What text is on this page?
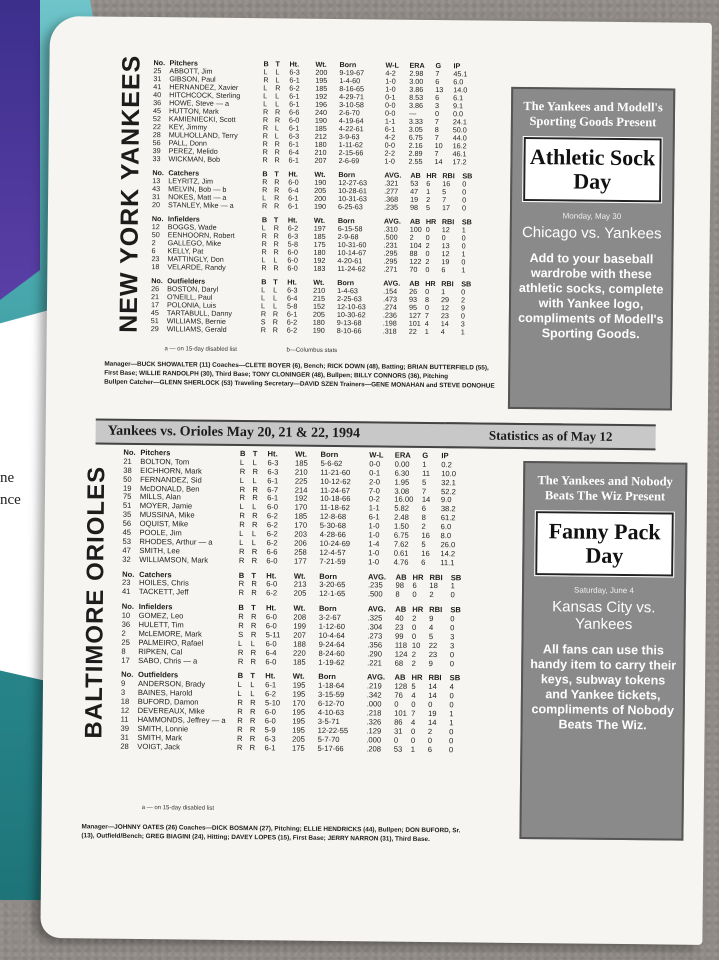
ne
nce
NEW YORK YANKEES No. Pitchers	B T Ht. Wt. Born	W-L ERA G IP
25 ABBOTT, Jim	L L 6-3 200 9-19-67	4-2 2.98 7 45.1
31 GIBSON, Paul	R L 6-1 195 1-4-60	1-0 3.00 6 6.0
41 HERNANDEZ, Xavier	L R 6-2 185 8-16-65	1-0 3.86 13 14.0
40 HITCHCOCK, Sterling	L L 6-1 192 4-29-71	0-1 8.53 6 6.1
36 HOWE, Steve — a	L L 6-1 196 3-10-58	0-0 3.86 3 9.1
45 HUTTON, Mark	R R 6-6 240 2-6-70	0-0 —	0 0.0
52 KAMIENIECKI, Scott	R R 6-0 190 4-19-64	1-1 3.33 7 24.1
22 KEY, Jimmy	R L 6-1 185 4-22-61	6-1 3.05 8 50.0
28 MULHOLLAND, Terry	R L 6-3 212 3-9-63	4-2 6.75 7 44.0
56 PALL, Donn	R R 6-1 180 1-11-62	0-0 2.16 10 16.2
39 PEREZ, Melido	R R 6-4 210 2-15-66	2-2 2.89 7 46.1
33 WICKMAN, Bob	R R 6-1 207 2-6-69	1-0 2.55 14 17.2
No. Catchers	B T Ht. Wt. Born	AVG. AB HR RBI SB
13 LEYRITZ, Jim	R R 6-0 190 12-27-63 .321 53 6 16 0
43 MELVIN, Bob — b	R R 6-4 205 10-28-61 .277 47 1 5 0
31 NOKES, Matt — a	L R 6-1 200 10-31-63 .368 19 2 7 0
20 STANLEY, Mike — a	R R 6-1 190 6-25-63	.235 98 5 17 0
No. Infielders	B T Ht. Wt. Born	AVG. AB HR RBI SB
12 BOGGS, Wade	L R 6-2 197 6-15-58	.310 100 0 12 1
50 EENHOORN, Robert	R R 6-3 185 2-9-68	.500 2 0 0 0
2 GALLEGO, Mike	R R 5-8 175 10-31-60 .231 104 2 13 0
6 KELLY, Pat	R R 6-0 180 10-14-67 .295 88 0 12 1
23 MATTINGLY, Don	L L 6-0 192 4-20-61	.295 122 2 19 0
18 VELARDE, Randy	R R 6-0 183 11-24-62 .271 70 0 6 1
No. Outfielders	B T Ht. Wt. Born	AVG. AB HR RBI SB
26 BOSTON, Daryl	L L 6-3 210 1-4-63	.154 26 0 1 0
21 O'NEILL, Paul	L L 6-4 215 2-25-63	.473 93 8 29 2
17 POLONIA, Luis	L L 5-8 152 12-10-63 .274 95 0 12 9
45 TARTABULL, Danny	R R 6-1 205 10-30-62 .236 127 7 23 0
51 WILLIAMS, Bernie	S R 6-2 180 9-13-68	.198 101 4 14 3
29 WILLIAMS, Gerald	R R 6-2 190 8-10-66	.318 22 1 4 1
a — on 15-day disabled list	b—Columbus stats
Manager—BUCK SHOWALTER (11) Coaches—CLETE BOYER (6), Bench; RICK DOWN (48), Batting; BRIAN BUTTERFIELD (55),
First Base; WILLIE RANDOLPH (30), Third Base; TONY CLONINGER (48), Bullpen; BILLY CONNORS (36), Pitching
Bullpen Catcher—GLENN SHERLOCK (53) Traveling Secretary—DAVID SZEN Trainers—GENE MONAHAN and STEVE DONOHUE
Yankees vs. Orioles May 20, 21 & 22, 1994	Statistics as of May 12
BALTIMORE ORIOLES
No. Pitchers	B T Ht. Wt. Born	W-L ERA G IP
21 BOLTON, Tom	L L 6-3 185 5-6-62	0-0 0.00 1 0.2
38 EICHHORN, Mark	R R 6-3 210 11-21-60 0-1 6.30 11 10.0
50 FERNANDEZ, Sid	L L 6-1 225 10-12-62 2-0 1.95 5 32.1
19 McDONALD, Ben	R R 6-7 214 11-24-67 7-0 3.08 7 52.2
75 MILLS, Alan	R R 6-1 192 10-18-66 0-2 16.00 14 9.0
51 MOYER, Jamie	L L 6-0 170 11-18-62 1-1 5.82 6 38.2
35 MUSSINA, Mike	R R 6-2 185 12-8-68	6-1 2.48 8 61.2
56 OQUIST, Mike	R R 6-2 170 5-30-68	1-0 1.50 2 6.0
45 POOLE, Jim	L L 6-2 203 4-28-66	1-0 6.75 16 8.0
53 RHODES, Arthur — a	L L 6-2 206 10-24-69 1-4 7.62 5 26.0
47 SMITH, Lee	R R 6-6 258 12-4-57	1-0 0.61 16 14.2
32 WILLIAMSON, Mark	R R 6-0 177 7-21-59	1-0 4.76 6 11.1
No. Catchers	B T Ht. Wt. Born	AVG. AB HR RBI SB
23 HOILES, Chris	R R 6-0 213 3-20-65	.235 98 6 18 1
41 TACKETT, Jeff	R R 6-2 205 12-1-65	.500 8 0 2 0
No. Infielders	B T Ht. Wt. Born	AVG. AB HR RBI SB
10 GOMEZ, Leo	R R 6-0 208 3-2-67	.325 40 2 9 0
36 HULETT, Tim	R R 6-0 199 1-12-60	.304 23 0 4 0
2 McLEMORE, Mark	S R 5-11 207 10-4-64	.273 99 0 5 3
25 PALMEIRO, Rafael	L L 6-0 188 9-24-64	.356 118 10 22 3
8 RIPKEN, Cal	R R 6-4 220 8-24-60	.290 124 2 23 0
17 SABO, Chris — a	R R 6-0 185 1-19-62	.221 68 2 9 0
No. Outfielders	B T Ht. Wt. Born	AVG. AB HR RBI SB
9 ANDERSON, Brady	L L 6-1 195 1-18-64	.219 128 5 14 4
3 BAINES, Harold	L L 6-2 195 3-15-59	.342 76 4 14 0
18 BUFORD, Damon	R R 5-10 170 6-12-70	.000 0 0 0 0
12 DEVEREAUX, Mike	R R 6-0 195 4-10-63	.218 101 7 19 1
11 HAMMONDS, Jeffrey — a R R 6-0 195 3-5-71	.326 86 4 14 1
39 SMITH, Lonnie	R R 5-9 195 12-22-55 .129 31 0 2 0
31 SMITH, Mark	R R 6-3 205 5-7-70	.000 0 0 0 0
28 VOIGT, Jack	R R 6-1 175 5-17-66	.208 53 1 6 0
a — on 15-day disabled list
Manager—JOHNNY OATES (26) Coaches—DICK BOSMAN (27), Pitching; ELLIE HENDRICKS (44), Bullpen; DON BUFORD, Sr.
(13), Outfield/Bench; GREG BIAGINI (24), Hitting; DAVEY LOPES (15), First Base; JERRY NARRON (31), Third Base.
The Yankees and Modell's Sporting Goods Present
Athletic Sock Day
Monday, May 30
Chicago vs. Yankees
Add to your baseball wardrobe with these athletic socks, complete with Yankee logo, compliments of Modell's Sporting Goods.
The Yankees and Nobody Beats The Wiz Present
Fanny Pack Day
Saturday, June 4
Kansas City vs. Yankees
All fans can use this handy item to carry their keys, subway tokens and Yankee tickets, compliments of Nobody Beats The Wiz.
